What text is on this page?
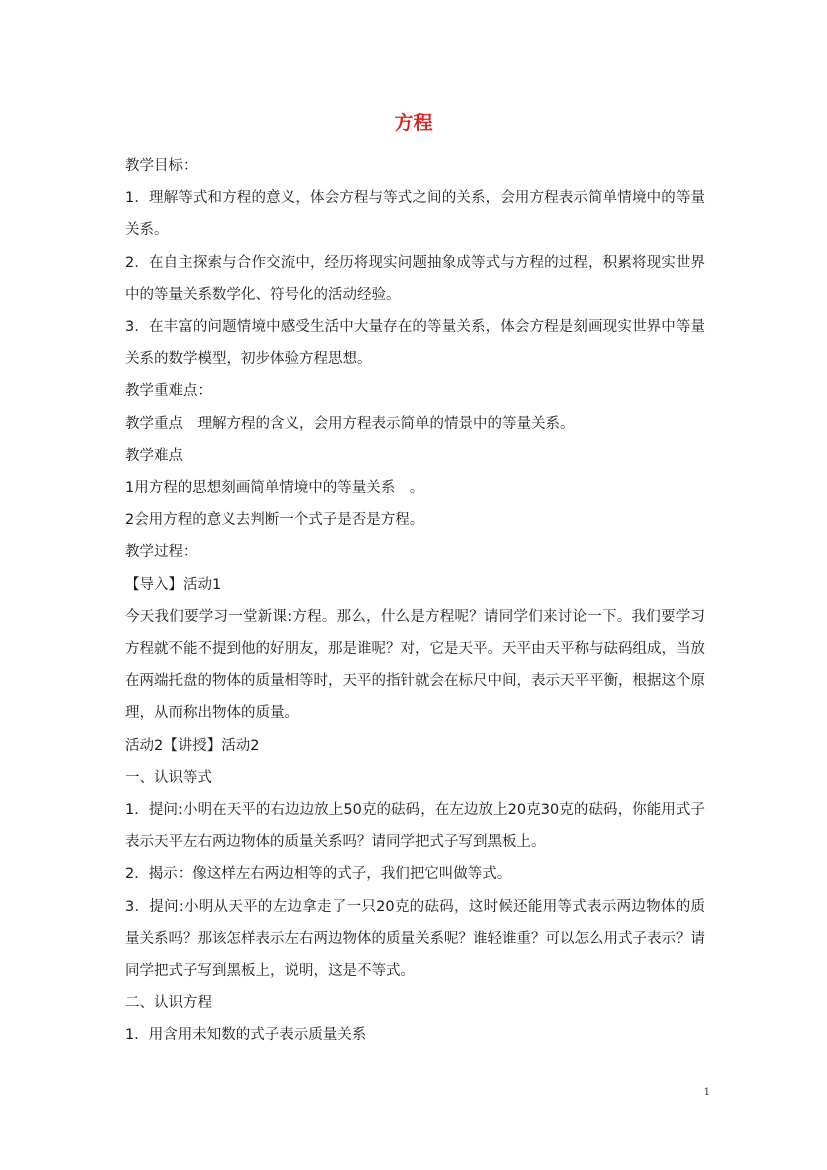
方程

教学目标：

1．理解等式和方程的意义，体会方程与等式之间的关系，会用方程表示简单情境中的等量关系。

2．在自主探索与合作交流中，经历将现实问题抽象成等式与方程的过程，积累将现实世界中的等量关系数学化、符号化的活动经验。

3．在丰富的问题情境中感受生活中大量存在的等量关系，体会方程是刻画现实世界中等量关系的数学模型，初步体验方程思想。

教学重难点：

教学重点　理解方程的含义，会用方程表示简单的情景中的等量关系。

教学难点

1用方程的思想刻画简单情境中的等量关系　。

2会用方程的意义去判断一个式子是否是方程。

教学过程：

【导入】活动1

今天我们要学习一堂新课:方程。那么，什么是方程呢？请同学们来讨论一下。我们要学习方程就不能不提到他的好朋友，那是谁呢？对，它是天平。天平由天平称与砝码组成，当放在两端托盘的物体的质量相等时，天平的指针就会在标尺中间，表示天平平衡，根据这个原理，从而称出物体的质量。

活动2【讲授】活动2

一、认识等式

1．提问:小明在天平的右边边放上50克的砝码，在左边放上20克30克的砝码，你能用式子表示天平左右两边物体的质量关系吗？请同学把式子写到黑板上。

2．揭示：像这样左右两边相等的式子，我们把它叫做等式。

3．提问:小明从天平的左边拿走了一只20克的砝码，这时候还能用等式表示两边物体的质量关系吗？那该怎样表示左右两边物体的质量关系呢？谁轻谁重？可以怎么用式子表示？请同学把式子写到黑板上，说明，这是不等式。

二、认识方程

1．用含用未知数的式子表示质量关系

1
